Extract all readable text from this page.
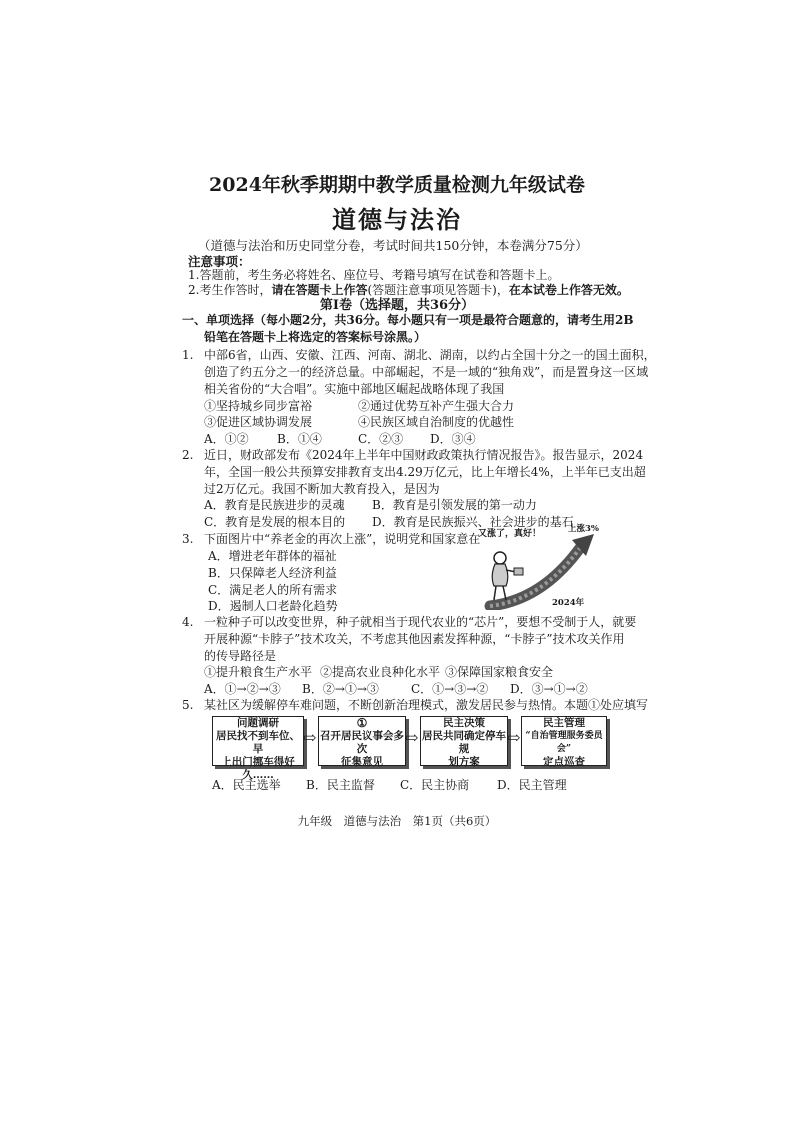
2024年秋季期期中教学质量检测九年级试卷
道德与法治
（道德与法治和历史同堂分卷，考试时间共150分钟，本卷满分75分）
注意事项：
1.答题前，考生务必将姓名、座位号、考籍号填写在试卷和答题卡上。
2.考生作答时，请在答题卡上作答(答题注意事项见答题卡)，在本试卷上作答无效。
第Ⅰ卷（选择题，共36分）
一、单项选择（每小题2分，共36分。每小题只有一项是最符合题意的，请考生用2B
铅笔在答题卡上将选定的答案标号涂黑。）
1. 中部6省，山西、安徽、江西、河南、湖北、湖南，以约占全国十分之一的国土面积，
创造了约五分之一的经济总量。中部崛起，不是一域的“独角戏”，而是置身这一区域
相关省份的“大合唱”。实施中部地区崛起战略体现了我国
①坚持城乡同步富裕	②通过优势互补产生强大合力
③促进区域协调发展	④民族区域自治制度的优越性
A．①② B．①④	C．②③ D．③④
2. 近日，财政部发布《2024年上半年中国财政政策执行情况报告》。报告显示，2024
年，全国一般公共预算安排教育支出4.29万亿元，比上年增长4%，上半年已支出超
过2万亿元。我国不断加大教育投入，是因为
A．教育是民族进步的灵魂 B．教育是引领发展的第一动力
C．教育是发展的根本目的 D．教育是民族振兴、社会进步的基石
3. 下面图片中“养老金的再次上涨”，说明党和国家意在
A．增进老年群体的福祉
B．只保障老人经济利益
C．满足老人的所有需求
D．遏制人口老龄化趋势
又涨了，真好！	上涨3%
2024年
4. 一粒种子可以改变世界，种子就相当于现代农业的“芯片”，要想不受制于人，就要
开展种源“卡脖子”技术攻关，不考虑其他因素发挥种源，“卡脖子”技术攻关作用
的传导路径是
①提升粮食生产水平 ②提高农业良种化水平 ③保障国家粮食安全
A．①→②→③ B．②→①→③	C．①→③→② D．③→①→②
5. 某社区为缓解停车难问题，不断创新治理模式，激发居民参与热情。本题①处应填写
问题调研
居民找不到车位、早
上出门挪车得好久……
⇨
①
召开居民议事会多次
征集意见
⇨
民主决策
居民共同确定停车规
划方案
⇨
民主管理
“自治管理服务委员会”
定点巡查
A．民主选举 B．民主监督 C．民主协商 D．民主管理
九年级　道德与法治　第1页（共6页）
